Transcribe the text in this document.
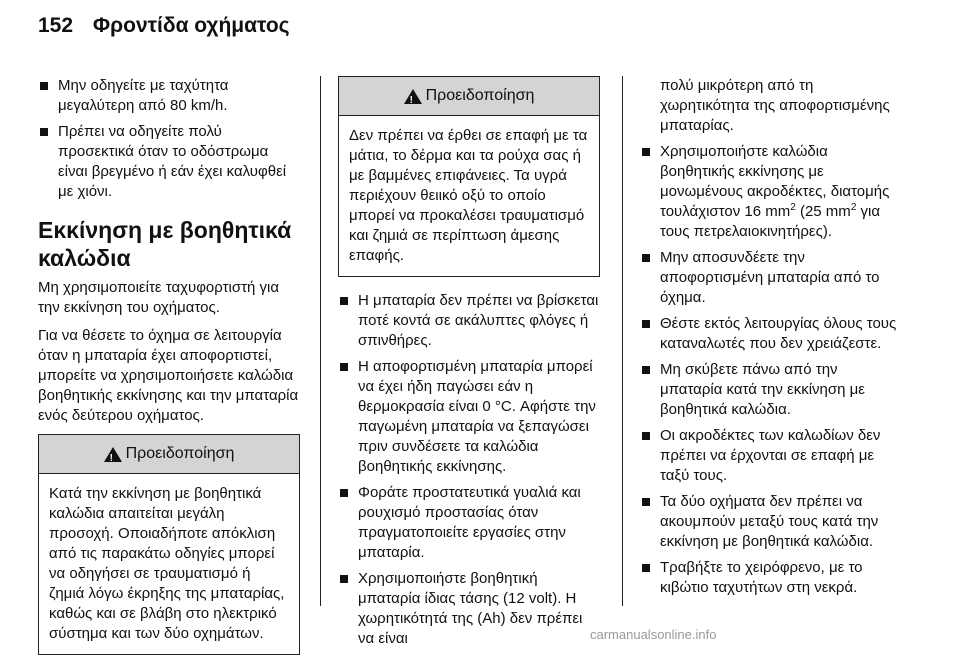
152 Φροντίδα οχήματος
Μην οδηγείτε με ταχύτητα μεγαλύτερη από 80 km/h.
Πρέπει να οδηγείτε πολύ προσεκτικά όταν το οδόστρωμα είναι βρεγμένο ή εάν έχει καλυφθεί με χιόνι.
Εκκίνηση με βοηθητικά καλώδια

Μη χρησιμοποιείτε ταχυφορτιστή για την εκκίνηση του οχήματος.

Για να θέσετε το όχημα σε λειτουργία όταν η μπαταρία έχει αποφορτιστεί, μπορείτε να χρησιμοποιήσετε καλώδια βοηθητικής εκκίνησης και την μπαταρία ενός δεύτερου οχήματος.

!
Προειδοποίηση
Κατά την εκκίνηση με βοηθητικά καλώδια απαιτείται μεγάλη προσοχή. Οποιαδήποτε απόκλιση από τις παρακάτω οδηγίες μπορεί να οδηγήσει σε τραυματισμό ή ζημιά λόγω έκρηξης της μπαταρίας, καθώς και σε βλάβη στο ηλεκτρικό σύστημα και των δύο οχημάτων.
!
Προειδοποίηση
Δεν πρέπει να έρθει σε επαφή με τα μάτια, το δέρμα και τα ρούχα σας ή με βαμμένες επιφάνειες. Τα υγρά περιέχουν θειικό οξύ το οποίο μπορεί να προκαλέσει τραυματισμό και ζημιά σε περίπτωση άμεσης επαφής.
Η μπαταρία δεν πρέπει να βρίσκεται ποτέ κοντά σε ακάλυπτες φλόγες ή σπινθήρες.
Η αποφορτισμένη μπαταρία μπορεί να έχει ήδη παγώσει εάν η θερμοκρασία είναι 0 °C. Αφήστε την παγωμένη μπαταρία να ξεπαγώσει πριν συνδέσετε τα καλώδια βοηθητικής εκκίνησης.
Φοράτε προστατευτικά γυαλιά και ρουχισμό προστασίας όταν πραγματοποιείτε εργασίες στην μπαταρία.
Χρησιμοποιήστε βοηθητική μπαταρία ίδιας τάσης (12 volt). Η χωρητικότητά της (Ah) δεν πρέπει να είναι
πολύ μικρότερη από τη χωρητικότητα της αποφορτισμένης μπαταρίας.
Χρησιμοποιήστε καλώδια βοηθητικής εκκίνησης με μονωμένους ακροδέκτες, διατομής τουλάχιστον 16 $mm^2$ (25 $mm^2$ για τους πετρελαιοκινητήρες).
Μην αποσυνδέετε την αποφορτισμένη μπαταρία από το όχημα.
Θέστε εκτός λειτουργίας όλους τους καταναλωτές που δεν χρειάζεστε.
Μη σκύβετε πάνω από την μπαταρία κατά την εκκίνηση με βοηθητικά καλώδια.
Οι ακροδέκτες των καλωδίων δεν πρέπει να έρχονται σε επαφή με ταξύ τους.
Τα δύο οχήματα δεν πρέπει να ακουμπούν μεταξύ τους κατά την εκκίνηση με βοηθητικά καλώδια.
Τραβήξτε το χειρόφρενο, με το κιβώτιο ταχυτήτων στη νεκρά.
carmanualsonline.info
